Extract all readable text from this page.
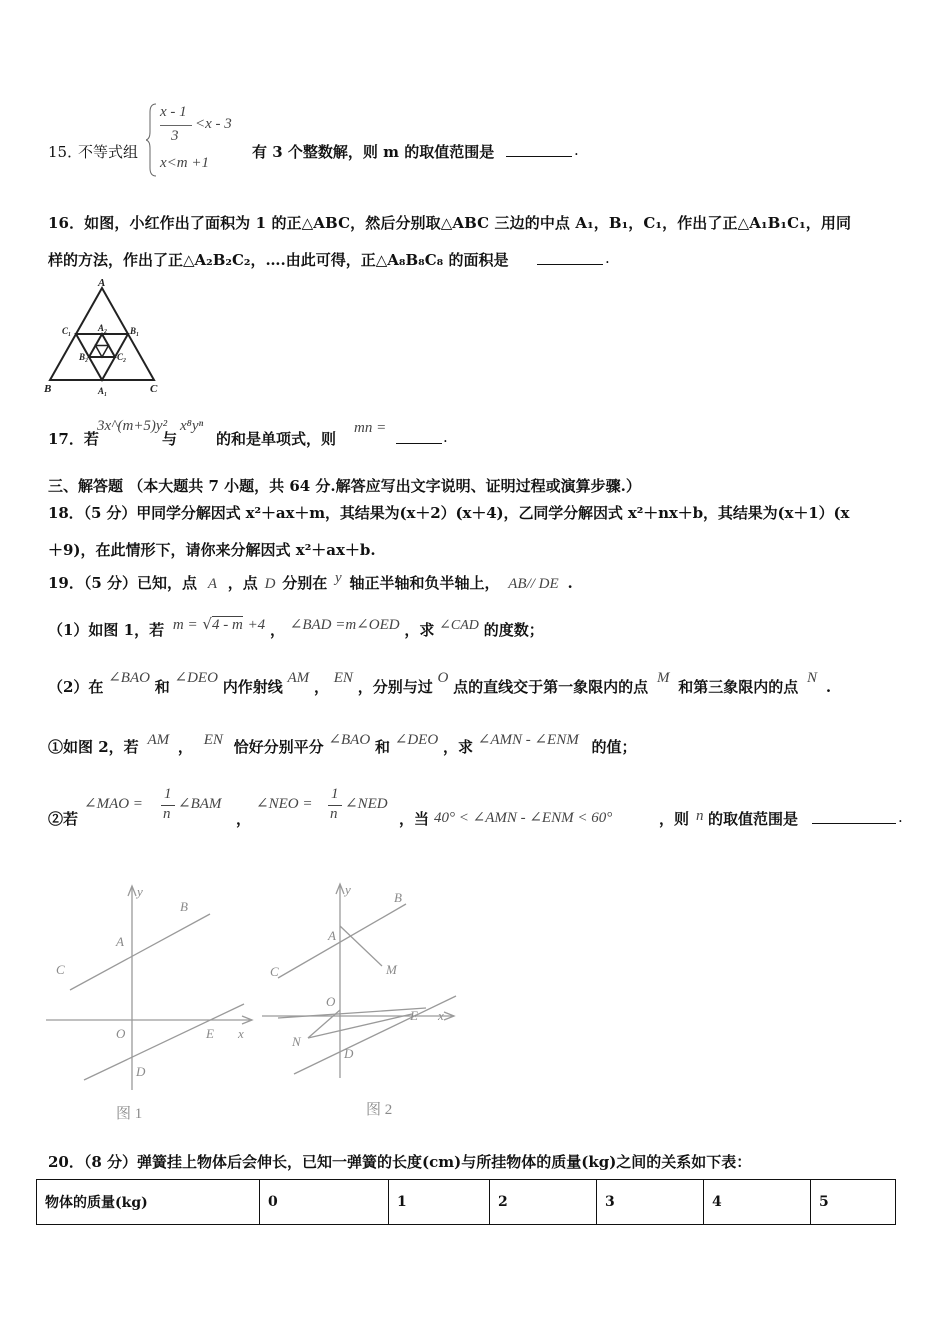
15．
不等式组
x - 1
3
<x - 3
x<m +1
有 3 个整数解，则 m 的取值范围是	.
16．如图，小红作出了面积为 1 的正△ABC，然后分别取△ABC 三边的中点 A₁，B₁，C₁，作出了正△A₁B₁C₁，用同
样的方法，作出了正△A₂B₂C₂，….由此可得，正△A₈B₈C₈ 的面积是	.
A
B	C
A₁
B₁
C₁	A₂
B₂	C₂
17．若
3x^(m+5)y²
与
x⁸yⁿ
的和是单项式，则
mn =	.
三、解答题 （本大题共 7 小题，共 64 分.解答应写出文字说明、证明过程或演算步骤.）
18．（5 分）甲同学分解因式 x²＋ax＋m，其结果为(x＋2）(x＋4)，乙同学分解因式 x²＋nx＋b，其结果为(x＋1）(x
＋9)，在此情形下，请你来分解因式 x²＋ax＋b.
19．（5 分）已知，点 A ，点 D 分别在 y 轴正半轴和负半轴上， AB// DE .
（1）如图 1，若 m = √4 - m +4 ， ∠BAD =m∠OED ，求 ∠CAD 的度数；
（2）在 ∠BAO 和 ∠DEO 内作射线 AM ， EN ，分别与过 O 点的直线交于第一象限内的点 M 和第三象限内的点 N .
①如图 2，若 AM ， EN 恰好分别平分 ∠BAO 和 ∠DEO ，求 ∠AMN - ∠ENM 的值；
②若
∠MAO =
1
n
∠BAM
，
∠NEO =
1
n
∠NED
，当 40° < ∠AMN - ∠ENM < 60°	，则 n 的取值范围是	.
y
B
A
C
O	E x
D
图 1
y
B
A
C	M
O
E x
N
D
图 2
20．（8 分）弹簧挂上物体后会伸长，已知一弹簧的长度(cm)与所挂物体的质量(kg)之间的关系如下表：
物体的质量(kg)	0	1	2	3	4	5
